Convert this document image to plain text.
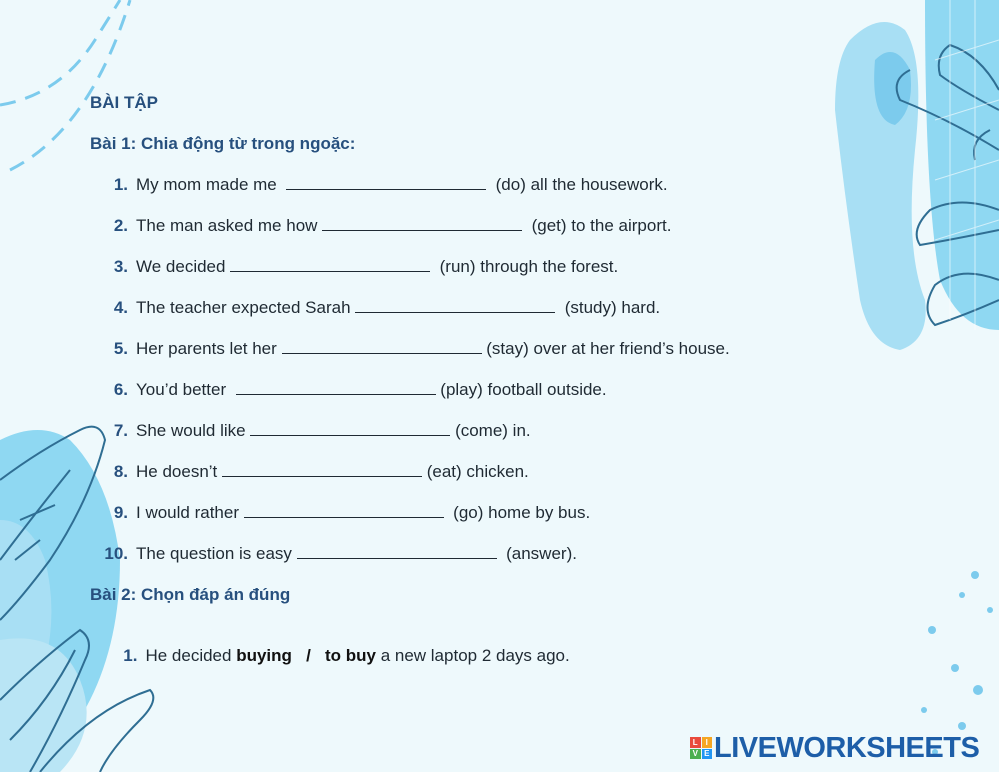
BÀI TẬP
Bài 1: Chia động từ trong ngoặc:
1. My mom made me	(do) all the housework.
2. The man asked me how	(get) to the airport.
3. We decided	(run) through the forest.
4. The teacher expected Sarah	(study) hard.
5. Her parents let her	(stay) over at her friend’s house.
6. You’d better	(play) football outside.
7. She would like	(come) in.
8. He doesn’t	(eat) chicken.
9. I would rather	(go) home by bus.
10. The question is easy	(answer).
Bài 2: Chọn đáp án đúng

1. He decided buying   /   to buy a new laptop 2 days ago.

L I
V E LIVEWORKSHEETS
